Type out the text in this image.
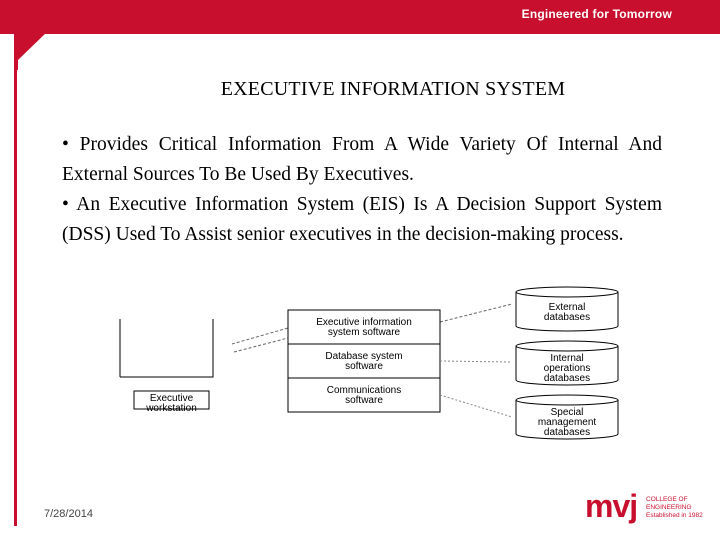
Engineered for Tomorrow
EXECUTIVE INFORMATION SYSTEM

• Provides Critical Information From A Wide Variety Of Internal And External Sources To Be Used By Executives.

• An Executive Information System (EIS) Is A Decision Support System (DSS) Used To Assist senior executives in the decision-making process.

Executive
workstation
Executive information
system software
Database system
software
Communications
software
External
databases
Internal
operations
databases
Special
management
databases
7/28/2014	mvj COLLEGE OF
ENGINEERING
Established in 1982
